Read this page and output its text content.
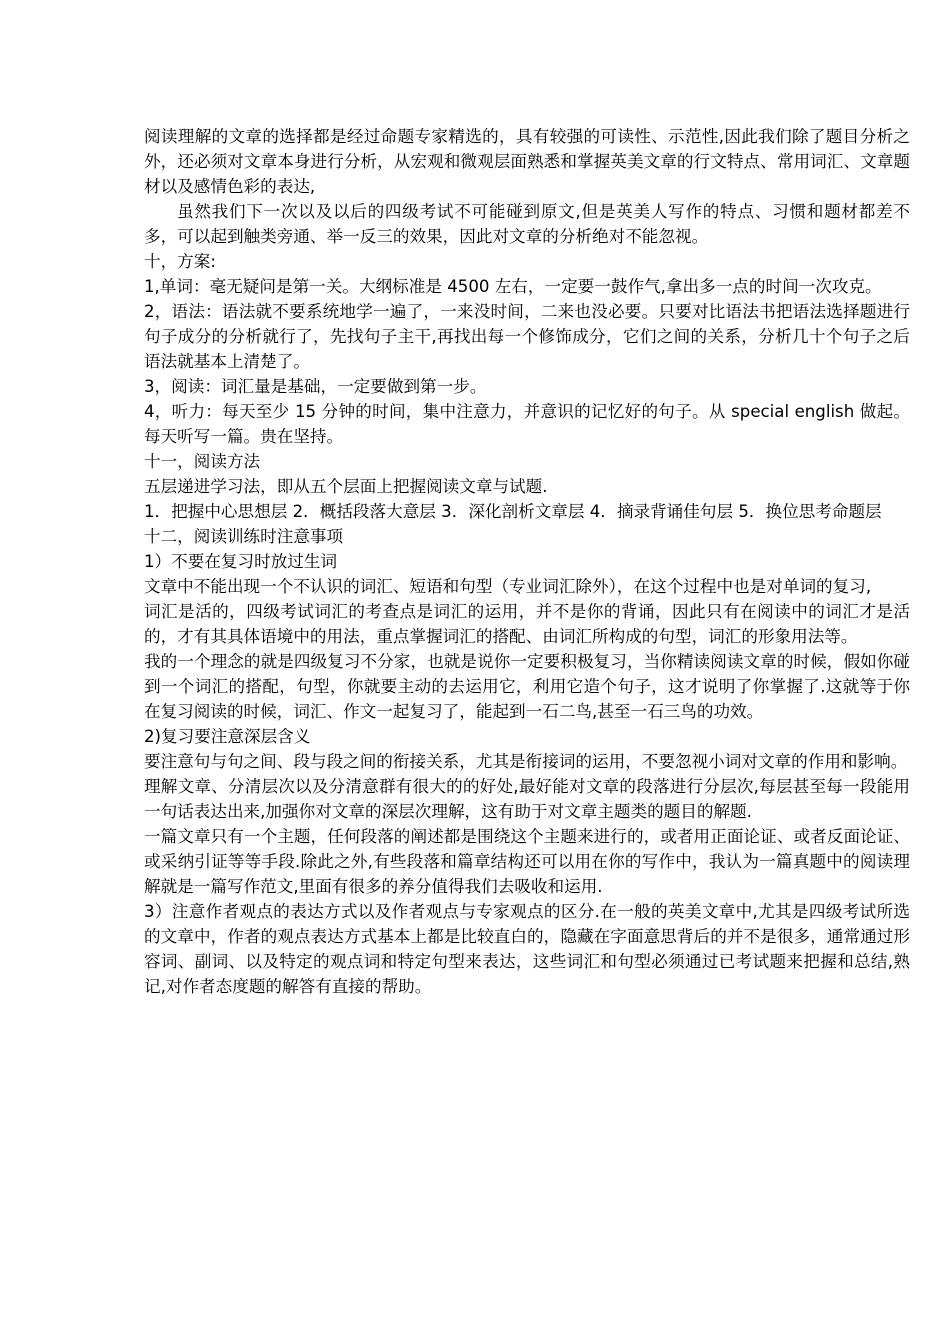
阅读理解的文章的选择都是经过命题专家精选的，具有较强的可读性、示范性,因此我们除了题目分析之外，还必须对文章本身进行分析，从宏观和微观层面熟悉和掌握英美文章的行文特点、常用词汇、文章题材以及感情色彩的表达,

虽然我们下一次以及以后的四级考试不可能碰到原文,但是英美人写作的特点、习惯和题材都差不多，可以起到触类旁通、举一反三的效果，因此对文章的分析绝对不能忽视。

十，方案:

1,单词：毫无疑问是第一关。大纲标准是 4500 左右，一定要一鼓作气,拿出多一点的时间一次攻克。

2，语法：语法就不要系统地学一遍了，一来没时间，二来也没必要。只要对比语法书把语法选择题进行句子成分的分析就行了，先找句子主干,再找出每一个修饰成分，它们之间的关系，分析几十个句子之后语法就基本上清楚了。

3，阅读：词汇量是基础，一定要做到第一步。

4，听力：每天至少 15 分钟的时间，集中注意力，并意识的记忆好的句子。从 special english 做起。每天听写一篇。贵在坚持。

十一，阅读方法

五层递进学习法，即从五个层面上把握阅读文章与试题.

1．把握中心思想层 2．概括段落大意层 3．深化剖析文章层 4．摘录背诵佳句层 5．换位思考命题层

十二，阅读训练时注意事项

1）不要在复习时放过生词

文章中不能出现一个不认识的词汇、短语和句型（专业词汇除外），在这个过程中也是对单词的复习,

词汇是活的，四级考试词汇的考查点是词汇的运用，并不是你的背诵，因此只有在阅读中的词汇才是活的，才有其具体语境中的用法，重点掌握词汇的搭配、由词汇所构成的句型，词汇的形象用法等。

我的一个理念的就是四级复习不分家，也就是说你一定要积极复习，当你精读阅读文章的时候，假如你碰到一个词汇的搭配，句型，你就要主动的去运用它，利用它造个句子，这才说明了你掌握了.这就等于你在复习阅读的时候，词汇、作文一起复习了，能起到一石二鸟,甚至一石三鸟的功效。

2)复习要注意深层含义

要注意句与句之间、段与段之间的衔接关系，尤其是衔接词的运用，不要忽视小词对文章的作用和影响。

理解文章、分清层次以及分清意群有很大的的好处,最好能对文章的段落进行分层次,每层甚至每一段能用一句话表达出来,加强你对文章的深层次理解，这有助于对文章主题类的题目的解题.

一篇文章只有一个主题，任何段落的阐述都是围绕这个主题来进行的，或者用正面论证、或者反面论证、或采纳引证等等手段.除此之外,有些段落和篇章结构还可以用在你的写作中，我认为一篇真题中的阅读理解就是一篇写作范文,里面有很多的养分值得我们去吸收和运用.

3）注意作者观点的表达方式以及作者观点与专家观点的区分.在一般的英美文章中,尤其是四级考试所选的文章中，作者的观点表达方式基本上都是比较直白的，隐藏在字面意思背后的并不是很多，通常通过形容词、副词、以及特定的观点词和特定句型来表达，这些词汇和句型必须通过已考试题来把握和总结,熟记,对作者态度题的解答有直接的帮助。
